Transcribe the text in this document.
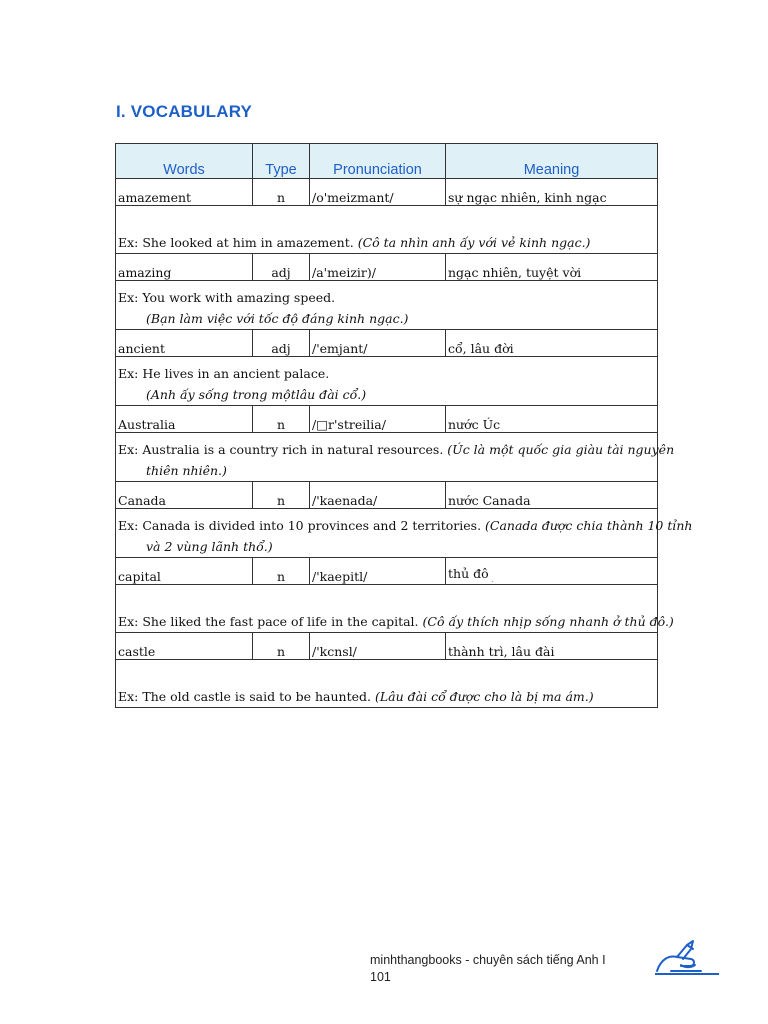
I. VOCABULARY
Words	Type	Pronunciation	Meaning
amazement	n	/o'meizmant/	sự ngạc nhiên, kinh ngạc
Ex: She looked at him in amazement. (Cô ta nhìn anh ấy với vẻ kinh ngạc.)			
amazing	adj	/a'meizir)/	ngạc nhiên, tuyệt vời
Ex: You work with amazing speed.
(Bạn làm việc với tốc độ đáng kinh ngạc.)			

ancient	adj	/'emjant/	cổ, lâu đời
Ex: He lives in an ancient palace.
(Anh ấy sống trong mộtlâu đài cổ.)			

Australia	n	/□r'streilia/	nước Úc
Ex: Australia is a country rich in natural resources. (Úc là một quốc gia giàu tài nguyên
thiên nhiên.)			

Canada	n	/'kaenada/	nước Canada
Ex: Canada is divided into 10 provinces and 2 territories. (Canada được chia thành 10 tỉnh
và 2 vùng lãnh thổ.)			

capital	n	/'kaepitl/	thủ đô $_.$
Ex: She liked the fast pace of life in the capital. (Cô ấy thích nhịp sống nhanh ở thủ đô.)			
castle	n	/'kcnsl/	thành trì, lâu đài
Ex: The old castle is said to be haunted. (Lâu đài cổ được cho là bị ma ám.)			
minhthangbooks - chuyên sách tiếng Anh I
101
